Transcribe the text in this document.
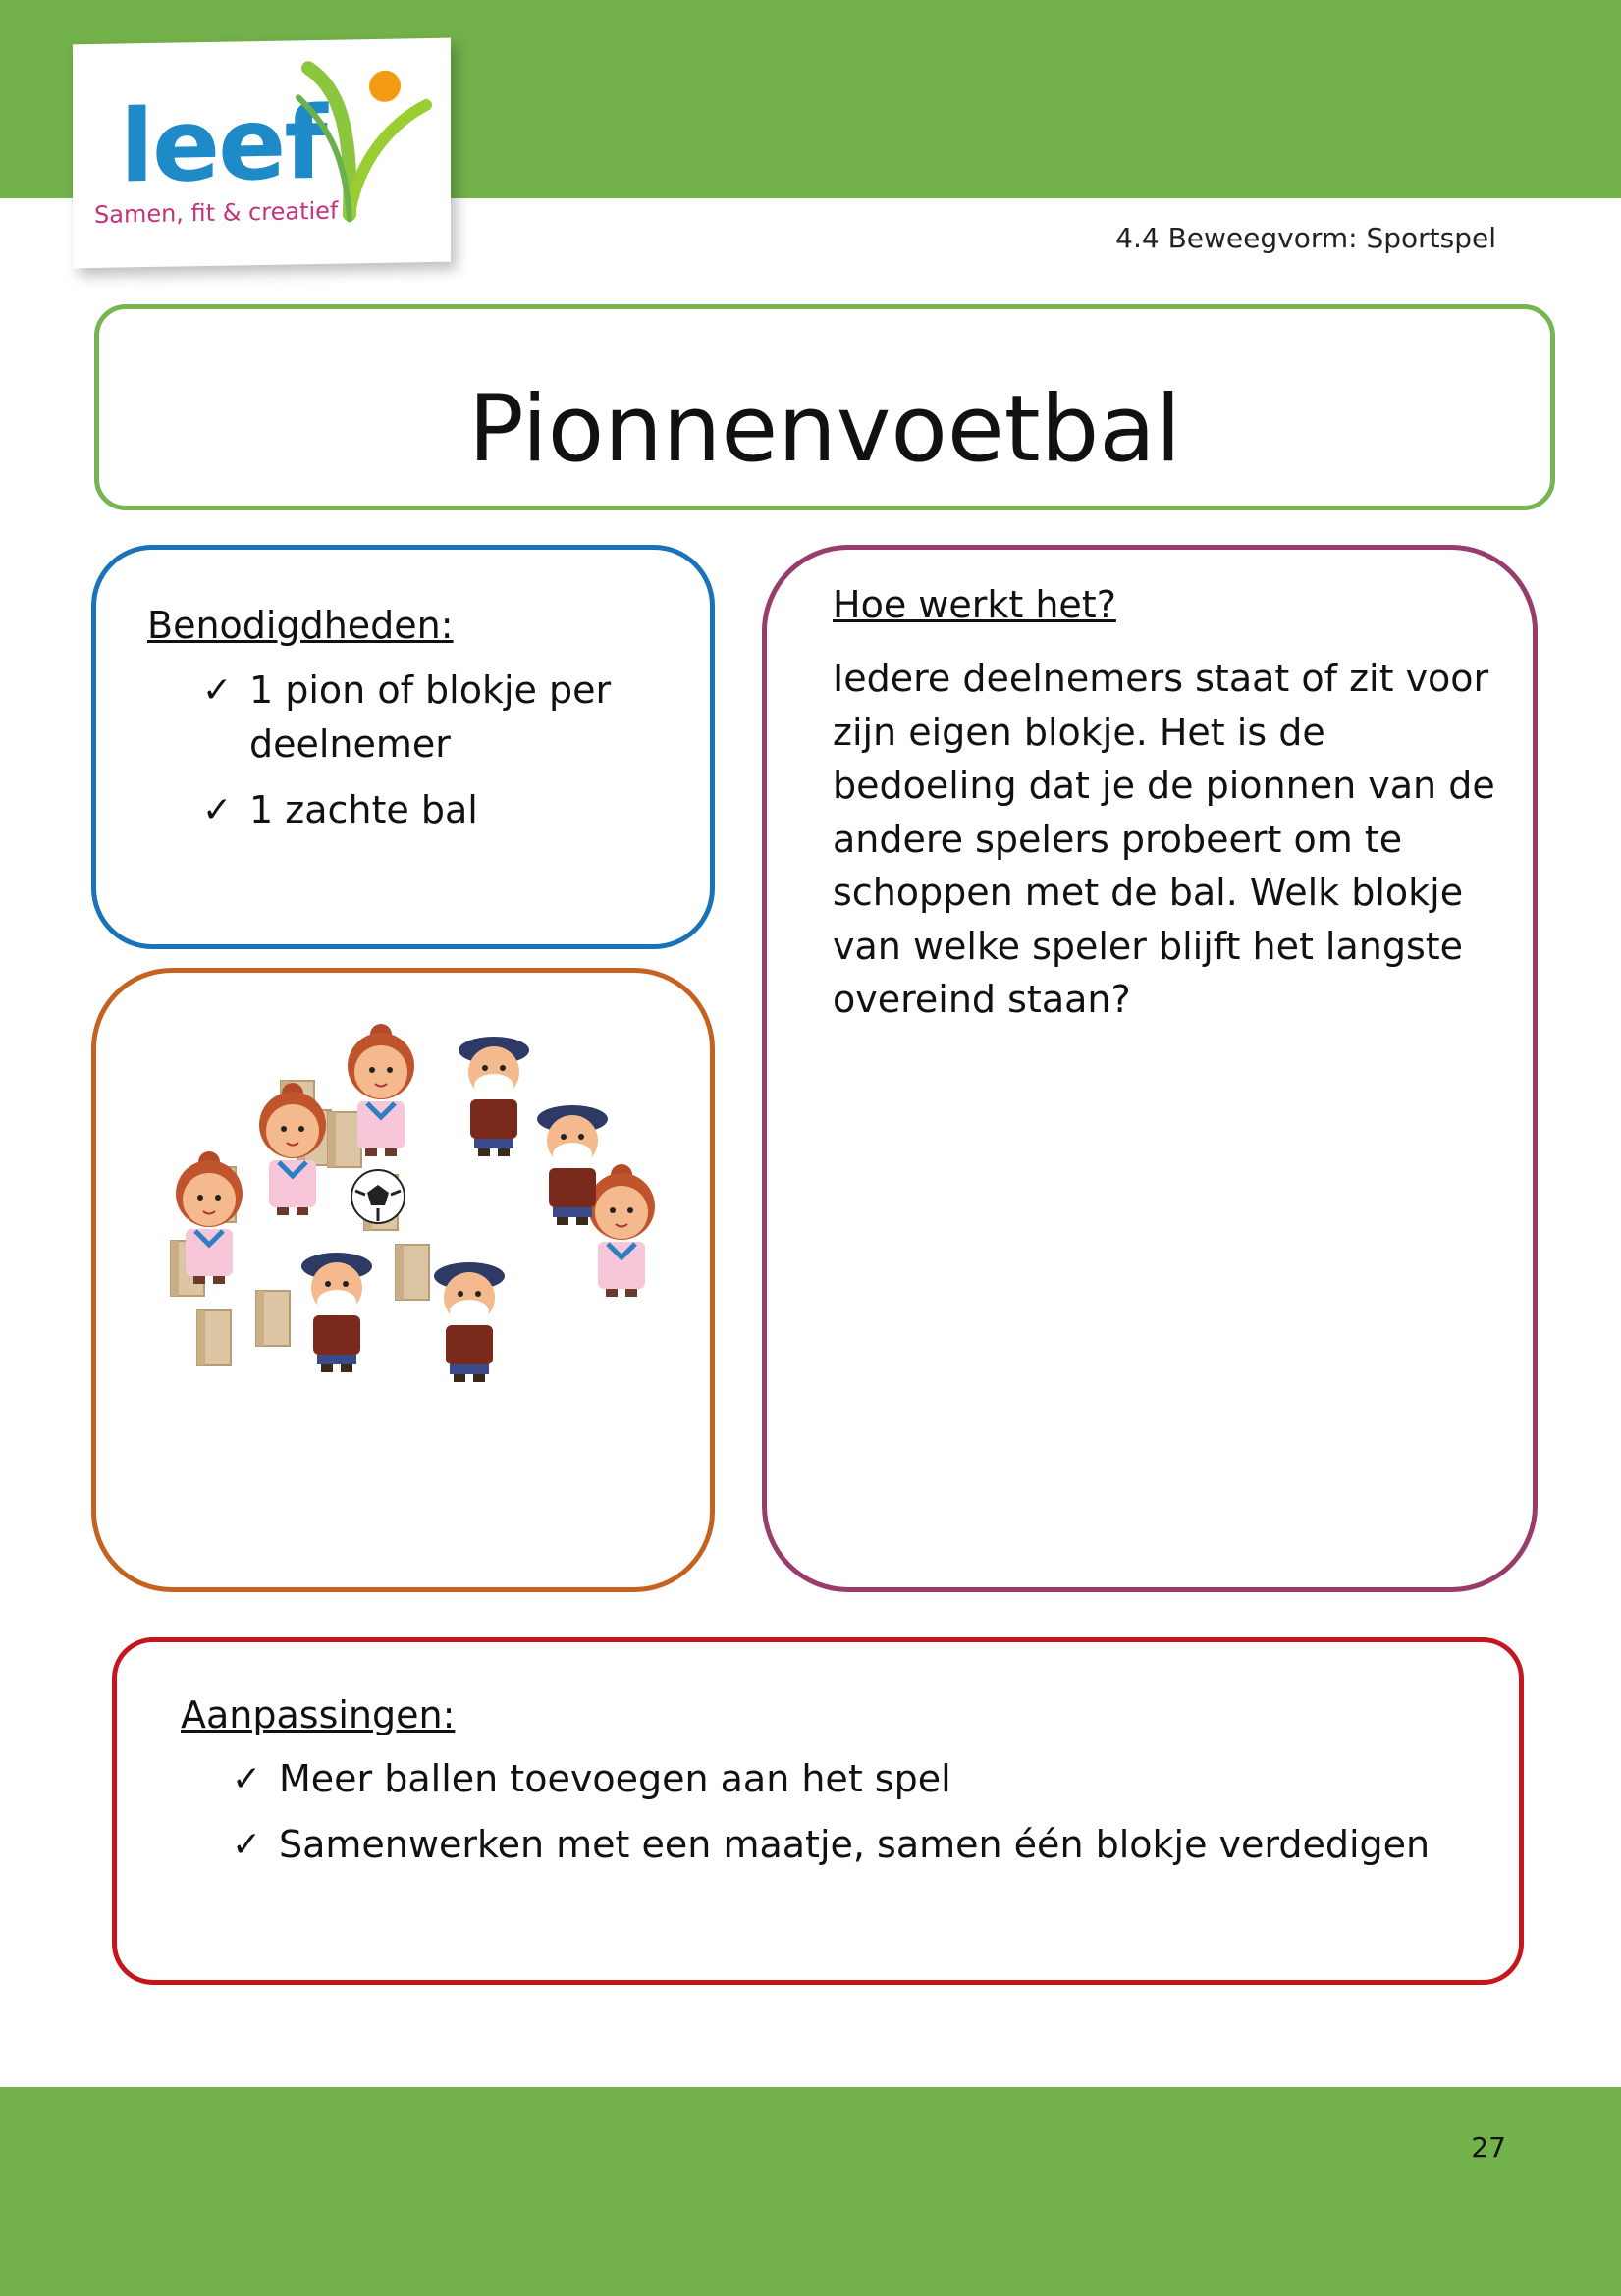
leef
Samen, fit & creatief
4.4 Beweegvorm: Sportspel
Pionnenvoetbal
Benodigdheden:
✓ 1 pion of blokje per deelnemer
✓ 1 zachte bal
Hoe werkt het?
Iedere deelnemers staat of zit voor zijn eigen blokje. Het is de bedoeling dat je de pionnen van de andere spelers probeert om te schoppen met de bal. Welk blokje van welke speler blijft het langste overeind staan?
Aanpassingen:
✓ Meer ballen toevoegen aan het spel
✓ Samenwerken met een maatje, samen één blokje verdedigen
27
